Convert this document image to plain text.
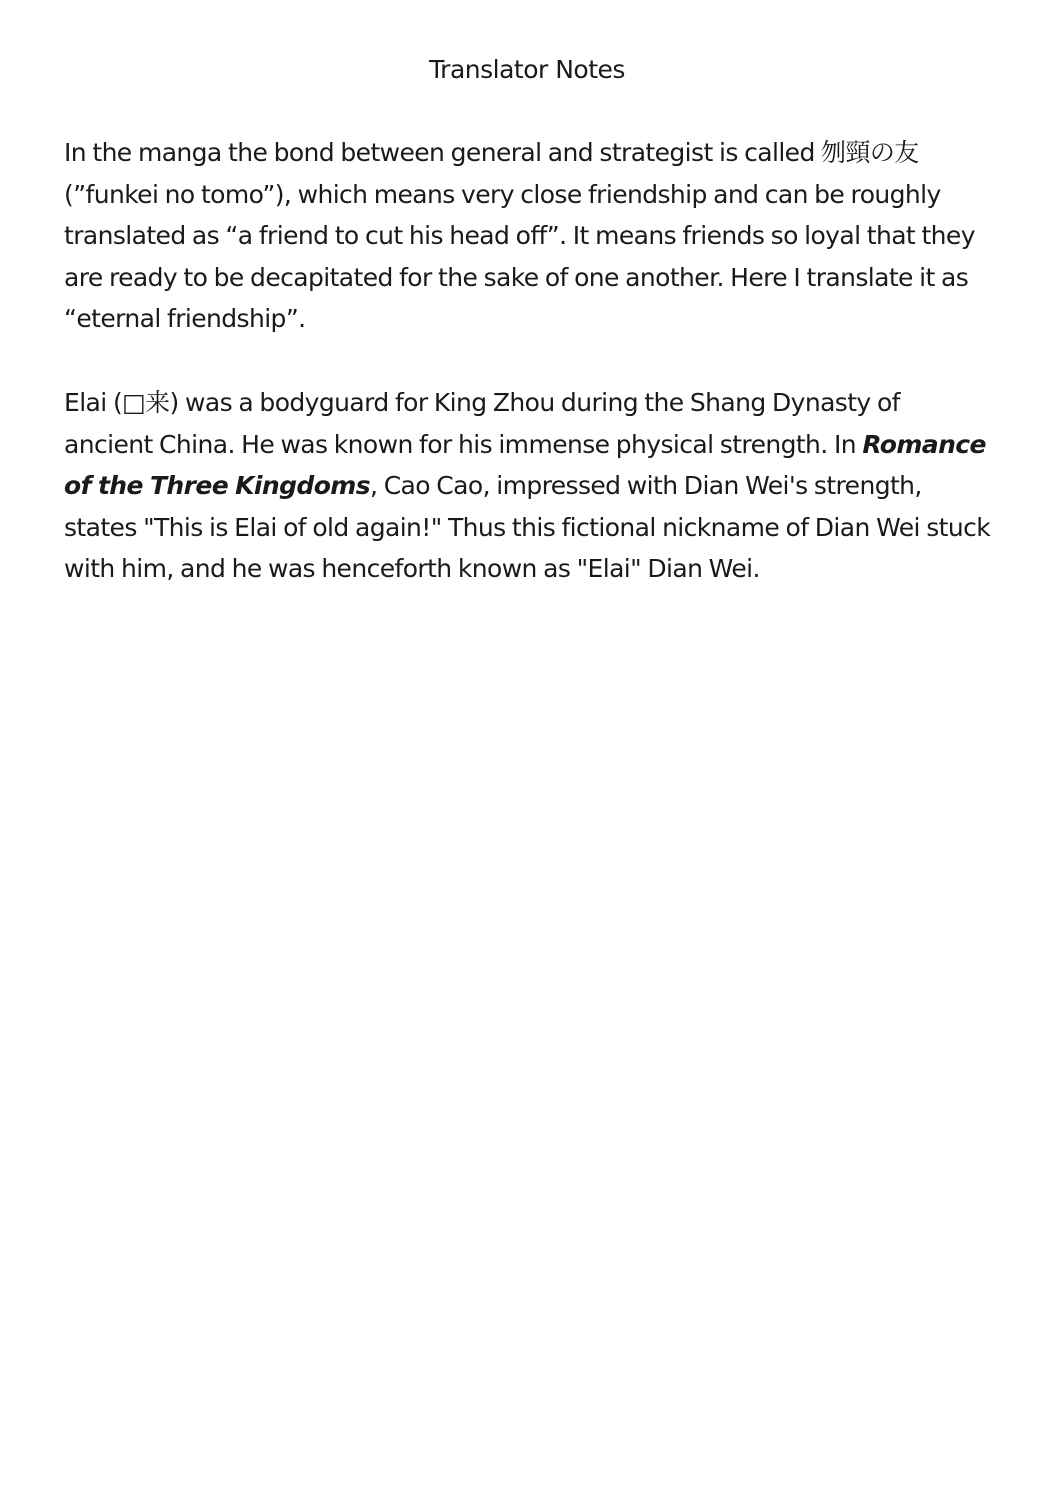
Translator Notes

In the manga the bond between general and strategist is called 刎頸の友 (”funkei no tomo”), which means very close friendship and can be roughly translated as “a friend to cut his head off”. It means friends so loyal that they are ready to be decapitated for the sake of one another. Here I translate it as “eternal friendship”.

Elai (□来) was a bodyguard for King Zhou during the Shang Dynasty of ancient China. He was known for his immense physical strength. In Romance of the Three Kingdoms, Cao Cao, impressed with Dian Wei's strength, states "This is Elai of old again!" Thus this fictional nickname of Dian Wei stuck with him, and he was henceforth known as "Elai" Dian Wei.
